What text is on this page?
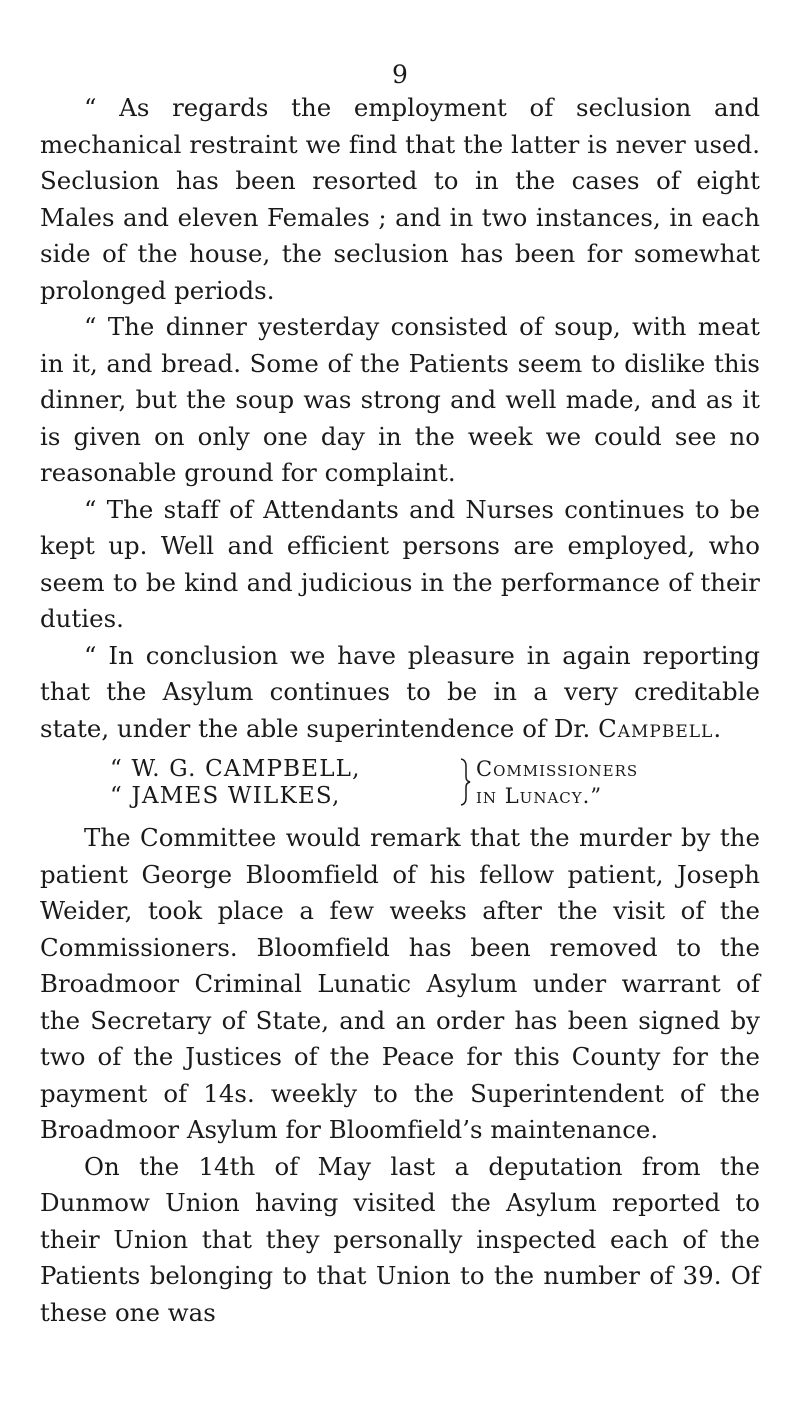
9

“ As regards the employment of seclusion and mechanical restraint we find that the latter is never used. Seclusion has been resorted to in the cases of eight Males and eleven Females ; and in two instances, in each side of the house, the seclusion has been for somewhat prolonged periods.

“ The dinner yesterday consisted of soup, with meat in it, and bread. Some of the Patients seem to dislike this dinner, but the soup was strong and well made, and as it is given on only one day in the week we could see no reasonable ground for complaint.

“ The staff of Attendants and Nurses continues to be kept up. Well and efficient persons are employed, who seem to be kind and judicious in the performance of their duties.

“ In conclusion we have pleasure in again reporting that the Asylum continues to be in a very creditable state, under the able superintendence of Dr. Campbell.

“ W. G. CAMPBELL,
“ JAMES WILKES,
Commissioners
in Lunacy.”

The Committee would remark that the murder by the patient George Bloomfield of his fellow patient, Joseph Weider, took place a few weeks after the visit of the Commissioners. Bloomfield has been removed to the Broadmoor Criminal Lunatic Asylum under warrant of the Secretary of State, and an order has been signed by two of the Justices of the Peace for this County for the payment of 14s. weekly to the Superintendent of the Broadmoor Asylum for Bloomfield’s maintenance.

On the 14th of May last a deputation from the Dunmow Union having visited the Asylum reported to their Union that they personally inspected each of the Patients belonging to that Union to the number of 39. Of these one was
